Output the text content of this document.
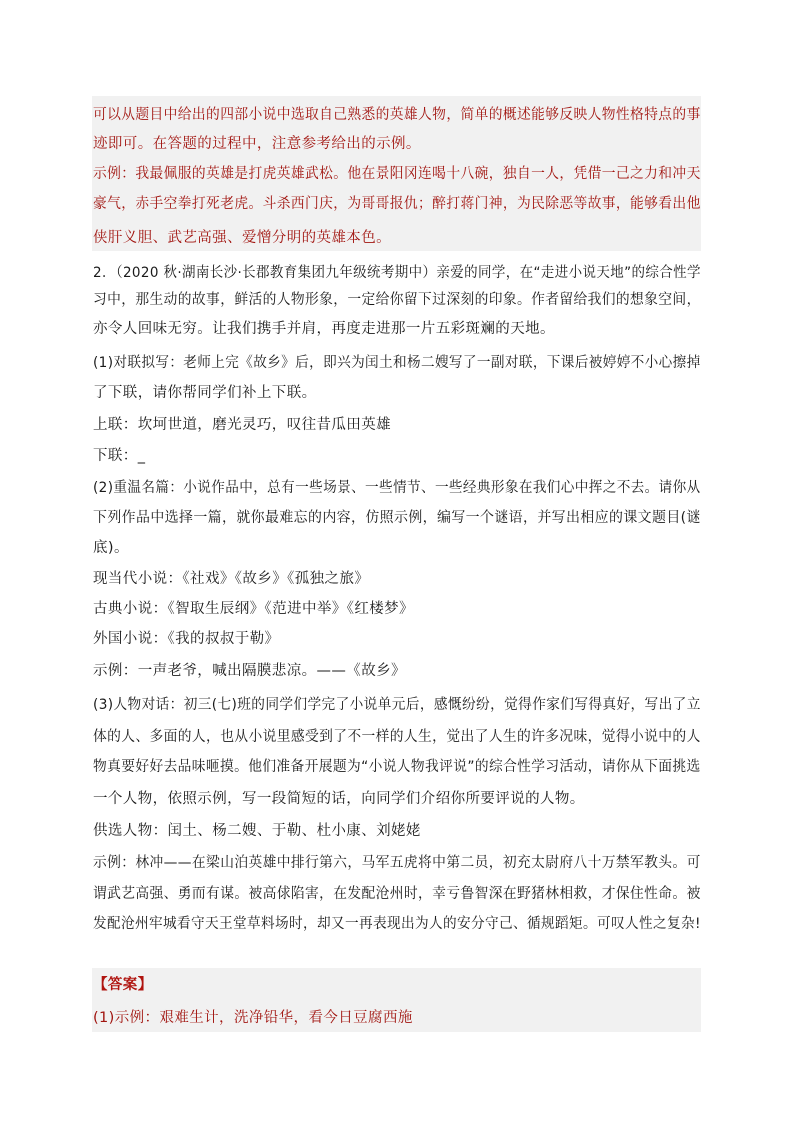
可以从题目中给出的四部小说中选取自己熟悉的英雄人物，简单的概述能够反映人物性格特点的事
迹即可。在答题的过程中，注意参考给出的示例。
示例：我最佩服的英雄是打虎英雄武松。他在景阳冈连喝十八碗，独自一人，凭借一己之力和冲天
豪气，赤手空拳打死老虎。斗杀西门庆，为哥哥报仇；醉打蒋门神，为民除恶等故事，能够看出他
侠肝义胆、武艺高强、爱憎分明的英雄本色。
2．（2020 秋·湖南长沙·长郡教育集团九年级统考期中）亲爱的同学，在“走进小说天地”的综合性学
习中，那生动的故事，鲜活的人物形象，一定给你留下过深刻的印象。作者留给我们的想象空间，
亦令人回味无穷。让我们携手并肩，再度走进那一片五彩斑斓的天地。
(1)对联拟写：老师上完《故乡》后，即兴为闰土和杨二嫂写了一副对联，下课后被婷婷不小心擦掉
了下联，请你帮同学们补上下联。
上联：坎坷世道，磨光灵巧，叹往昔瓜田英雄
下联：_
(2)重温名篇：小说作品中，总有一些场景、一些情节、一些经典形象在我们心中挥之不去。请你从
下列作品中选择一篇，就你最难忘的内容，仿照示例，编写一个谜语，并写出相应的课文题目(谜
底)。
现当代小说：《社戏》《故乡》《孤独之旅》
古典小说：《智取生辰纲》《范进中举》《红楼梦》
外国小说：《我的叔叔于勒》
示例：一声老爷，喊出隔膜悲凉。——《故乡》
(3)人物对话：初三(七)班的同学们学完了小说单元后，感慨纷纷，觉得作家们写得真好，写出了立
体的人、多面的人，也从小说里感受到了不一样的人生，觉出了人生的许多况味，觉得小说中的人
物真要好好去品味咂摸。他们准备开展题为“小说人物我评说”的综合性学习活动，请你从下面挑选
一个人物，依照示例，写一段简短的话，向同学们介绍你所要评说的人物。
供选人物：闰土、杨二嫂、于勒、杜小康、刘姥姥
示例：林冲——在梁山泊英雄中排行第六，马军五虎将中第二员，初充太尉府八十万禁军教头。可
谓武艺高强、勇而有谋。被高俅陷害，在发配沧州时，幸亏鲁智深在野猪林相救，才保住性命。被
发配沧州牢城看守天王堂草料场时，却又一再表现出为人的安分守己、循规蹈矩。可叹人性之复杂!
【答案】
(1)示例：艰难生计，洗净铅华，看今日豆腐西施
